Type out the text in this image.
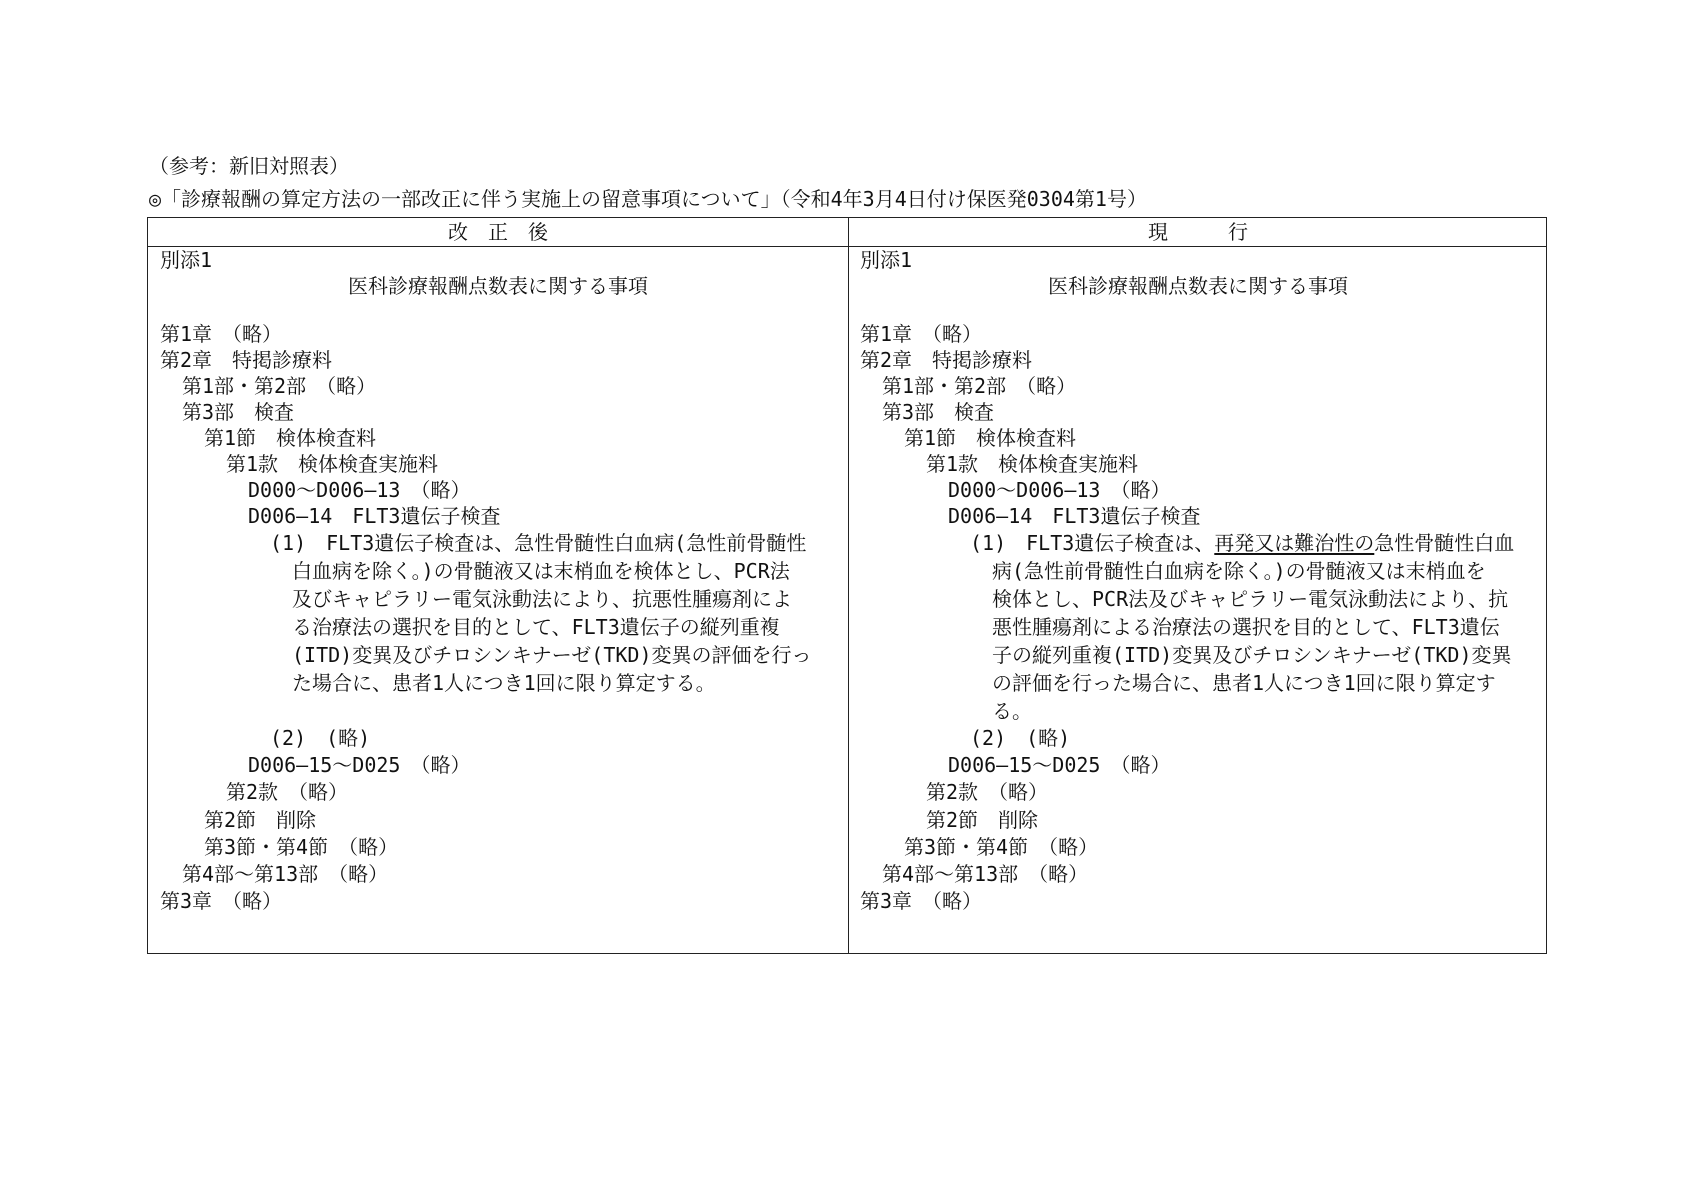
（参考：新旧対照表）
◎「診療報酬の算定方法の一部改正に伴う実施上の留意事項について」（令和4年3月4日付け保医発0304第1号）
改　正　後	現　　　行
別添1
医科診療報酬点数表に関する事項
第1章　（略）
第2章　特掲診療料
第1部・第2部　（略）
第3部　検査
第1節　検体検査料
第1款　検体検査実施料
D000～D006―13　（略）
D006―14　FLT3遺伝子検査
(1)　FLT3遺伝子検査は、急性骨髄性白血病(急性前骨髄性
白血病を除く。)の骨髄液又は末梢血を検体とし、PCR法
及びキャピラリー電気泳動法により、抗悪性腫瘍剤によ
る治療法の選択を目的として、FLT3遺伝子の縦列重複
(ITD)変異及びチロシンキナーゼ(TKD)変異の評価を行っ
た場合に、患者1人につき1回に限り算定する。
(2)　(略)
D006―15～D025　（略）
第2款　（略）
第2節　削除
第3節・第4節　（略）
第4部～第13部　（略）
第3章　（略）
別添1
医科診療報酬点数表に関する事項
第1章　（略）
第2章　特掲診療料
第1部・第2部　（略）
第3部　検査
第1節　検体検査料
第1款　検体検査実施料
D000～D006―13　（略）
D006―14　FLT3遺伝子検査
(1)　FLT3遺伝子検査は、再発又は難治性の急性骨髄性白血
病(急性前骨髄性白血病を除く。)の骨髄液又は末梢血を
検体とし、PCR法及びキャピラリー電気泳動法により、抗
悪性腫瘍剤による治療法の選択を目的として、FLT3遺伝
子の縦列重複(ITD)変異及びチロシンキナーゼ(TKD)変異
の評価を行った場合に、患者1人につき1回に限り算定す
る。
(2)　(略)
D006―15～D025　（略）
第2款　（略）
第2節　削除
第3節・第4節　（略）
第4部～第13部　（略）
第3章　（略）
